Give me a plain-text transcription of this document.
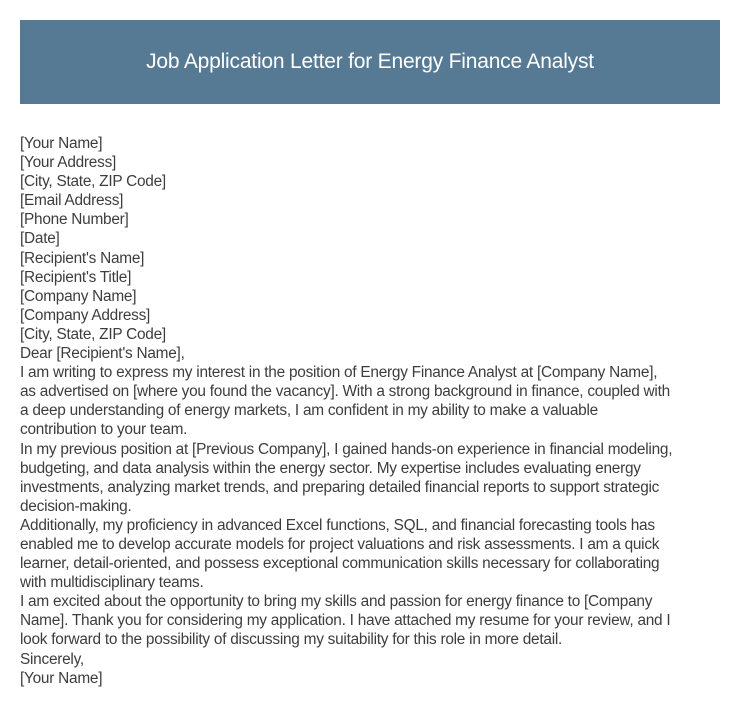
Job Application Letter for Energy Finance Analyst
[Your Name]
[Your Address]
[City, State, ZIP Code]
[Email Address]
[Phone Number]
[Date]
[Recipient's Name]
[Recipient's Title]
[Company Name]
[Company Address]
[City, State, ZIP Code]
Dear [Recipient's Name],
I am writing to express my interest in the position of Energy Finance Analyst at [Company Name],
as advertised on [where you found the vacancy]. With a strong background in finance, coupled with
a deep understanding of energy markets, I am confident in my ability to make a valuable
contribution to your team.
In my previous position at [Previous Company], I gained hands-on experience in financial modeling,
budgeting, and data analysis within the energy sector. My expertise includes evaluating energy
investments, analyzing market trends, and preparing detailed financial reports to support strategic
decision-making.
Additionally, my proficiency in advanced Excel functions, SQL, and financial forecasting tools has
enabled me to develop accurate models for project valuations and risk assessments. I am a quick
learner, detail-oriented, and possess exceptional communication skills necessary for collaborating
with multidisciplinary teams.
I am excited about the opportunity to bring my skills and passion for energy finance to [Company
Name]. Thank you for considering my application. I have attached my resume for your review, and I
look forward to the possibility of discussing my suitability for this role in more detail.
Sincerely,
[Your Name]
